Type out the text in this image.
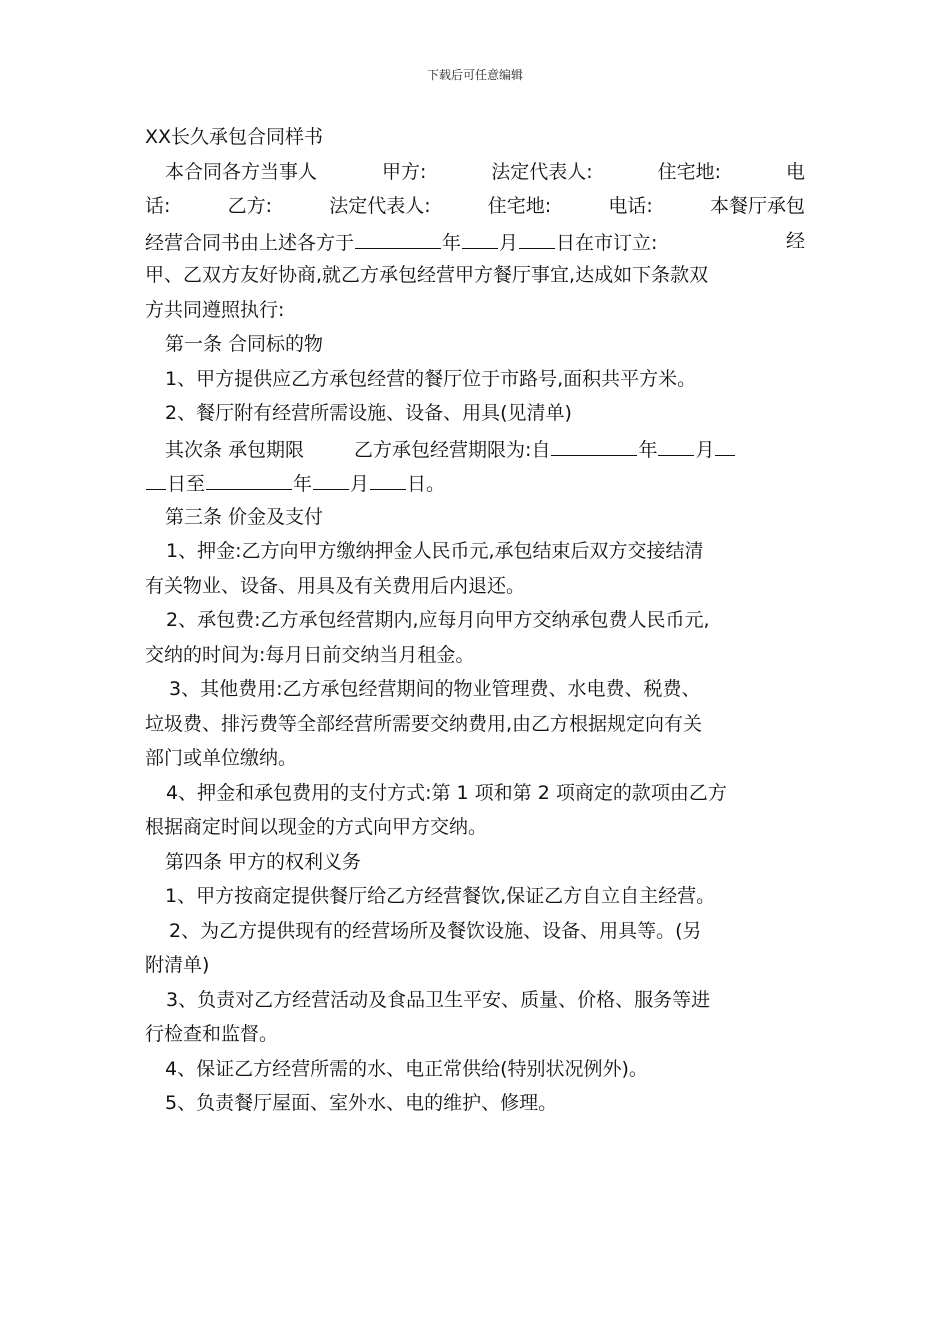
下载后可任意编辑
XX长久承包合同样书
本合同各方当事人	甲方:	法定代表人:	住宅地:	电
话:	乙方:	法定代表人:	住宅地:	电话:	本餐厅承包
经营合同书由上述各方于	年 月 日在市订立:	经
甲、乙双方友好协商,就乙方承包经营甲方餐厅事宜,达成如下条款双
方共同遵照执行:
第一条 合同标的物
1、甲方提供应乙方承包经营的餐厅位于市路号,面积共平方米。
2、餐厅附有经营所需设施、设备、用具(见清单)
其次条 承包期限	乙方承包经营期限为:自	年 月
日至	年 月 日。
第三条 价金及支付
1、押金:乙方向甲方缴纳押金人民币元,承包结束后双方交接结清
有关物业、设备、用具及有关费用后内退还。
2、承包费:乙方承包经营期内,应每月向甲方交纳承包费人民币元,
交纳的时间为:每月日前交纳当月租金。
3、其他费用:乙方承包经营期间的物业管理费、水电费、税费、
垃圾费、排污费等全部经营所需要交纳费用,由乙方根据规定向有关
部门或单位缴纳。
4、押金和承包费用的支付方式:第 1 项和第 2 项商定的款项由乙方
根据商定时间以现金的方式向甲方交纳。
第四条 甲方的权利义务
1、甲方按商定提供餐厅给乙方经营餐饮,保证乙方自立自主经营。
2、为乙方提供现有的经营场所及餐饮设施、设备、用具等。(另
附清单)
3、负责对乙方经营活动及食品卫生平安、质量、价格、服务等进
行检查和监督。
4、保证乙方经营所需的水、电正常供给(特别状况例外)。
5、负责餐厅屋面、室外水、电的维护、修理。
